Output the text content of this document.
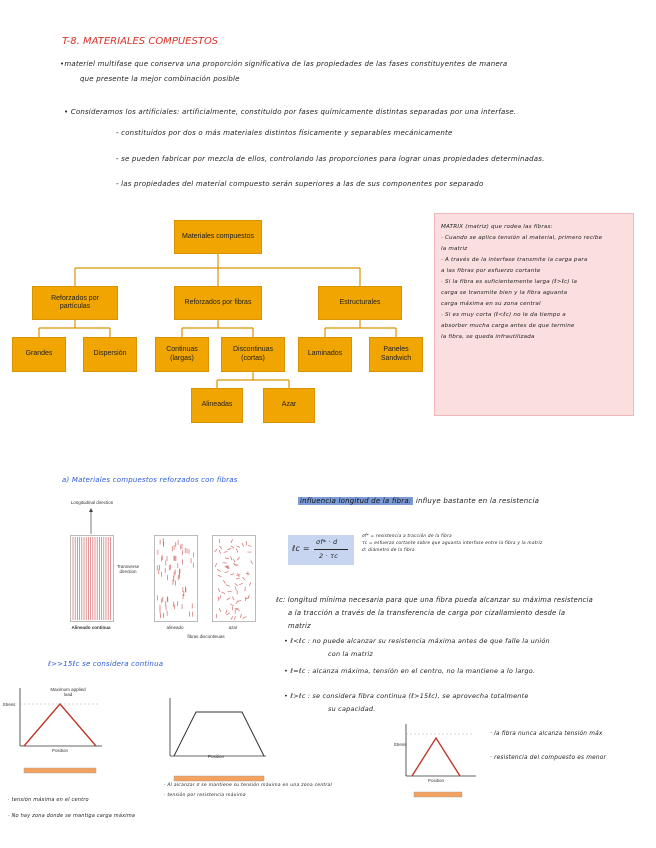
T-8. MATERIALES COMPUESTOS
•materiel multifase que conserva una proporción significativa de las propiedades de las fases constituyentes de manera
que presente la mejor combinación posible
• Consideramos los artificiales: artificialmente, constituido por fases químicamente distintas separadas por una interfase.
- constituidos por dos o más materiales distintos físicamente y separables mecánicamente
- se pueden fabricar por mezcla de ellos, controlando las proporciones para lograr unas propiedades determinadas.
- las propiedades del material compuesto serán superiores a las de sus componentes por separado
Materiales compuestos
Reforzados por partículas
Reforzados por fibras	Estructurales
Grandes	Dispersión
Continuas (largas)
Discontinuas (cortas)
Laminados
Paneles Sandwich
Alineadas	Azar
MATRIX (matriz) que rodea las fibras:
· Cuando se aplica tensión al material, primero recibe
la matriz
· A través de la interfase transmite la carga para
a las fibras por esfuerzo cortante
· Si la fibra es suficientemente larga (ℓ>ℓc) la
carga se transmite bien y la fibra aguanta
carga máxima en su zona central
· Si es muy corta (ℓ<ℓc) no le da tiempo a
absorber mucha carga antes de que termine
la fibra, se queda infrautilizada
a) Materiales compuestos reforzados con fibras
Longitudinal direction
Transverse direction
Alineado continua	alineado	azar
fibras discontinuas
influencia longitud de la fibra: influye bastante en la resistencia
ℓc =
σf* · d
2 · τc
σf* = resistencia a tracción de la fibra
τc = esfuerzo cortante sobre que aguanta interfase entre la fibra y la matriz
d: diámetro de la fibra
ℓc: longitud mínima necesaria para que una fibra pueda alcanzar su máxima resistencia
a la tracción a través de la transferencia de carga por cizallamiento desde la
matriz
• ℓ<ℓc : no puede alcanzar su resistencia máxima antes de que falle la unión
con la matriz
• ℓ=ℓc : alcanza máxima, tensión en el centro, no la mantiene a lo largo.
• ℓ>ℓc : se considera fibra continua (ℓ>15ℓc), se aprovecha totalmente
su capacidad.
ℓ>>15ℓc se considera continua
Stress
Position
Maximum applied load
· tensión máxima en el centro
· No hay zona donde se mantiga carga máxima
Position
· Al alcanzar σ se mantiene su tensión máxima en una zona central
· tensión por resistencia máxima
Stress
Position
· la fibra nunca alcanza tensión máx
· resistencia del compuesto es menor
